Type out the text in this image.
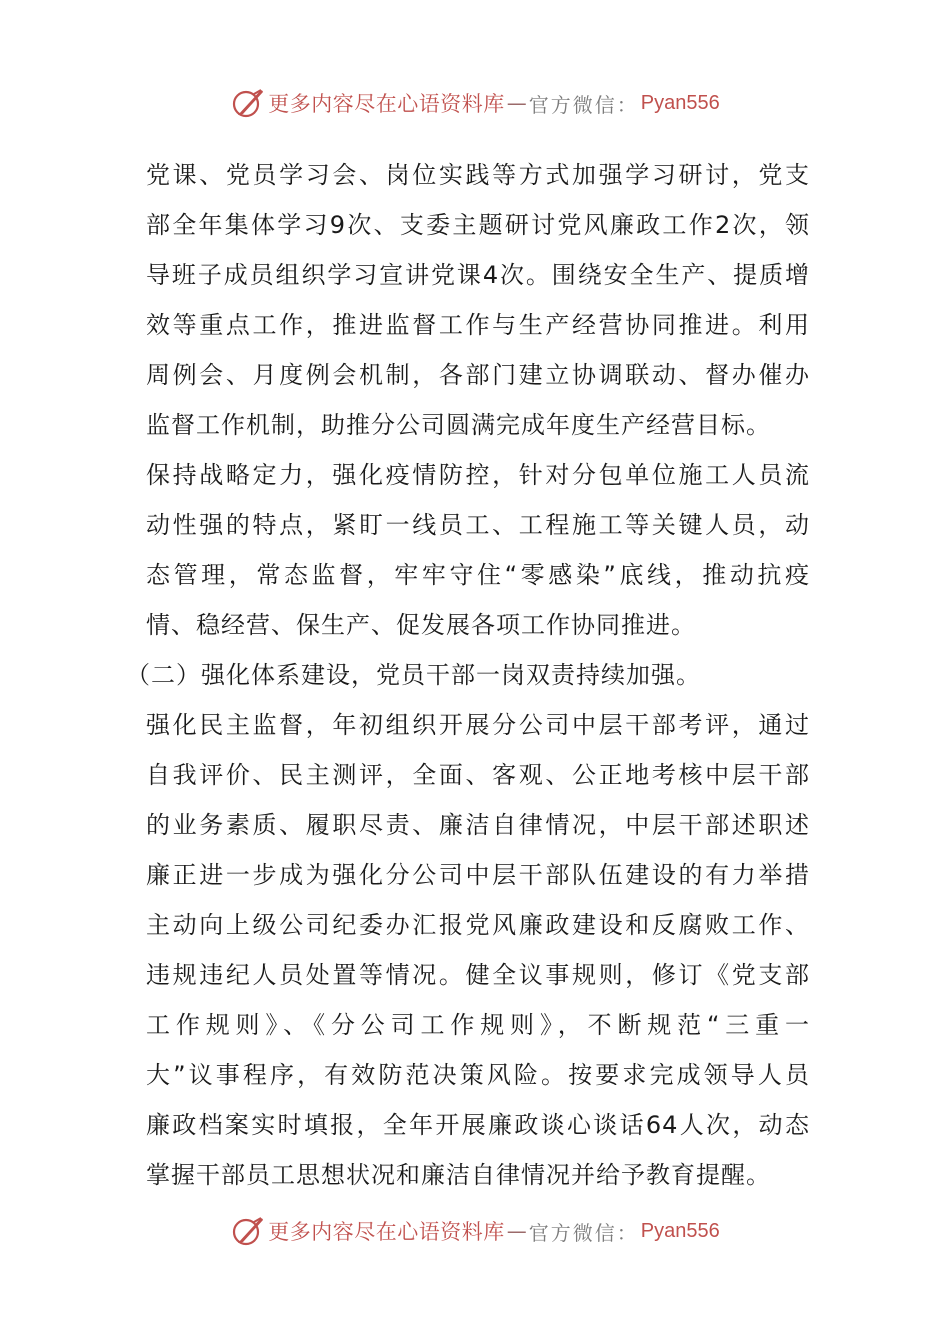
更多内容尽在心语资料库 — 官方微信： Pyan556
党课、党员学习会、岗位实践等方式加强学习研讨，党支
部全年集体学习9次、支委主题研讨党风廉政工作2次，领
导班子成员组织学习宣讲党课4次。围绕安全生产、提质增
效等重点工作，推进监督工作与生产经营协同推进。利用
周例会、月度例会机制，各部门建立协调联动、督办催办
监督工作机制，助推分公司圆满完成年度生产经营目标。
保持战略定力，强化疫情防控，针对分包单位施工人员流
动性强的特点，紧盯一线员工、工程施工等关键人员，动
态管理，常态监督，牢牢守住“零感染”底线，推动抗疫
情、稳经营、保生产、促发展各项工作协同推进。
（二）强化体系建设，党员干部一岗双责持续加强。
强化民主监督，年初组织开展分公司中层干部考评，通过
自我评价、民主测评，全面、客观、公正地考核中层干部
的业务素质、履职尽责、廉洁自律情况，中层干部述职述
廉正进一步成为强化分公司中层干部队伍建设的有力举措
主动向上级公司纪委办汇报党风廉政建设和反腐败工作、
违规违纪人员处置等情况。健全议事规则，修订《党支部
工作规则》、《分公司工作规则》，不断规范“三重一
大”议事程序，有效防范决策风险。按要求完成领导人员
廉政档案实时填报，全年开展廉政谈心谈话64人次，动态
掌握干部员工思想状况和廉洁自律情况并给予教育提醒。
更多内容尽在心语资料库 — 官方微信： Pyan556
